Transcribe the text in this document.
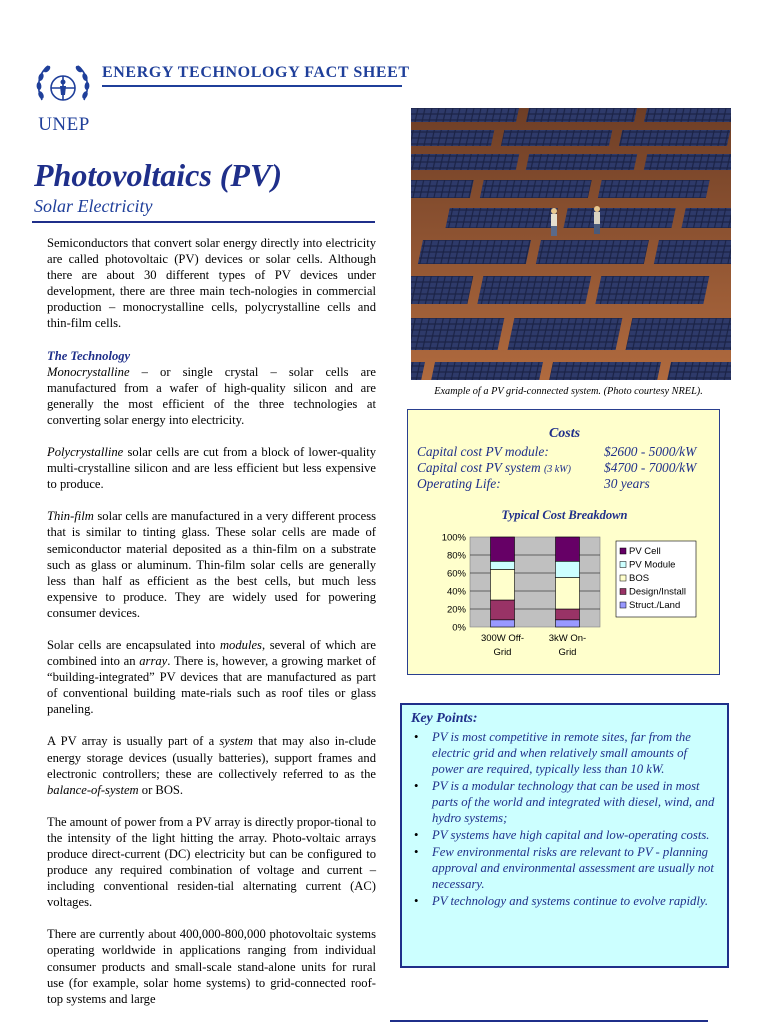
UNEP
ENERGY TECHNOLOGY FACT SHEET
Photovoltaics (PV)
Solar Electricity

Semiconductors that convert solar energy directly into electricity are called photovoltaic (PV) devices or solar cells. Although there are about 30 different types of PV devices under development, there are three main tech-nologies in commercial production – monocrystalline cells, polycrystalline cells and thin-film cells.

The Technology

Monocrystalline – or single crystal – solar cells are manufactured from a wafer of high-quality silicon and are generally the most efficient of the three technologies at converting solar energy into electricity.

Polycrystalline solar cells are cut from a block of lower-quality multi-crystalline silicon and are less efficient but less expensive to produce.

Thin-film solar cells are manufactured in a very different process that is similar to tinting glass. These solar cells are made of semiconductor material deposited as a thin-film on a substrate such as glass or aluminum. Thin-film solar cells are generally less than half as efficient as the best cells, but much less expensive to produce. They are widely used for powering consumer devices.

Solar cells are encapsulated into modules, several of which are combined into an array. There is, however, a growing market of “building-integrated” PV devices that are manufactured as part of conventional building mate-rials such as roof tiles or glass paneling.

A PV array is usually part of a system that may also in-clude energy storage devices (usually batteries), support frames and electronic controllers; these are collectively referred to as the balance-of-system or BOS.

The amount of power from a PV array is directly propor-tional to the intensity of the light hitting the array. Photo-voltaic arrays produce direct-current (DC) electricity but can be configured to produce any required combination of voltage and current – including conventional residen-tial alternating current (AC) voltages.

There are currently about 400,000-800,000 photovoltaic systems operating worldwide in applications ranging from individual consumer products and small-scale stand-alone units for rural use (for example, solar home systems) to grid-connected roof-top systems and large

Example of a PV grid-connected system. (Photo courtesy NREL).
Costs
Capital cost PV module:	$2600 - 5000/kW
Capital cost PV system (3 kW) $4700 - 7000/kW
Operating Life:	30 years
Typical Cost Breakdown
0%
20%
40%
60%
80%
100%
300W Off-
Grid
3kW On-
Grid
PV Cell
PV Module
BOS
Design/Install
Struct./Land
Key Points:
• PV is most competitive in remote sites, far from the electric grid and when relatively small amounts of power are required, typically less than 10 kW.
• PV is a modular technology that can be used in most parts of the world and integrated with diesel, wind, and hydro systems;
• PV systems have high capital and low-operating costs.
• Few environmental risks are relevant to PV - planning approval and environmental assessment are usually not necessary.
• PV technology and systems continue to evolve rapidly.
